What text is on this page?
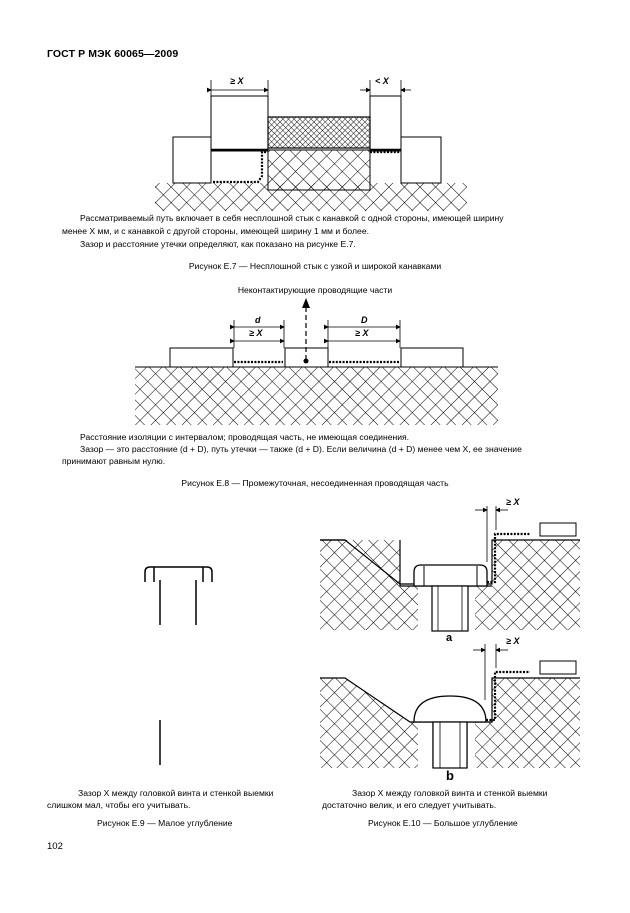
ГОСТ Р МЭК 60065—2009
≥ X	< X
Рассматриваемый путь включает в себя несплошной стык с канавкой с одной стороны, имеющей ширину
менее X мм, и с канавкой с другой стороны, имеющей ширину 1 мм и более.
Зазор и расстояние утечки определяют, как показано на рисунке Е.7.
Рисунок Е.7 — Несплошной стык с узкой и широкой канавками
Неконтактирующие проводящие части
d	D
≥ X	≥ X
Расстояние изоляции с интервалом; проводящая часть, не имеющая соединения.
Зазор — это расстояние (d + D), путь утечки — также (d + D). Если величина (d + D) менее чем X, ее значение
принимают равным нулю.
Рисунок Е.8 — Промежуточная, несоединенная проводящая часть
≥ X
a	≥ X
b
Зазор X между головкой винта и стенкой выемки
слишком мал, чтобы его учитывать.
Рисунок Е.9 — Малое углубление
Зазор X между головкой винта и стенкой выемки
достаточно велик, и его следует учитывать.
Рисунок Е.10 — Большое углубление
102
